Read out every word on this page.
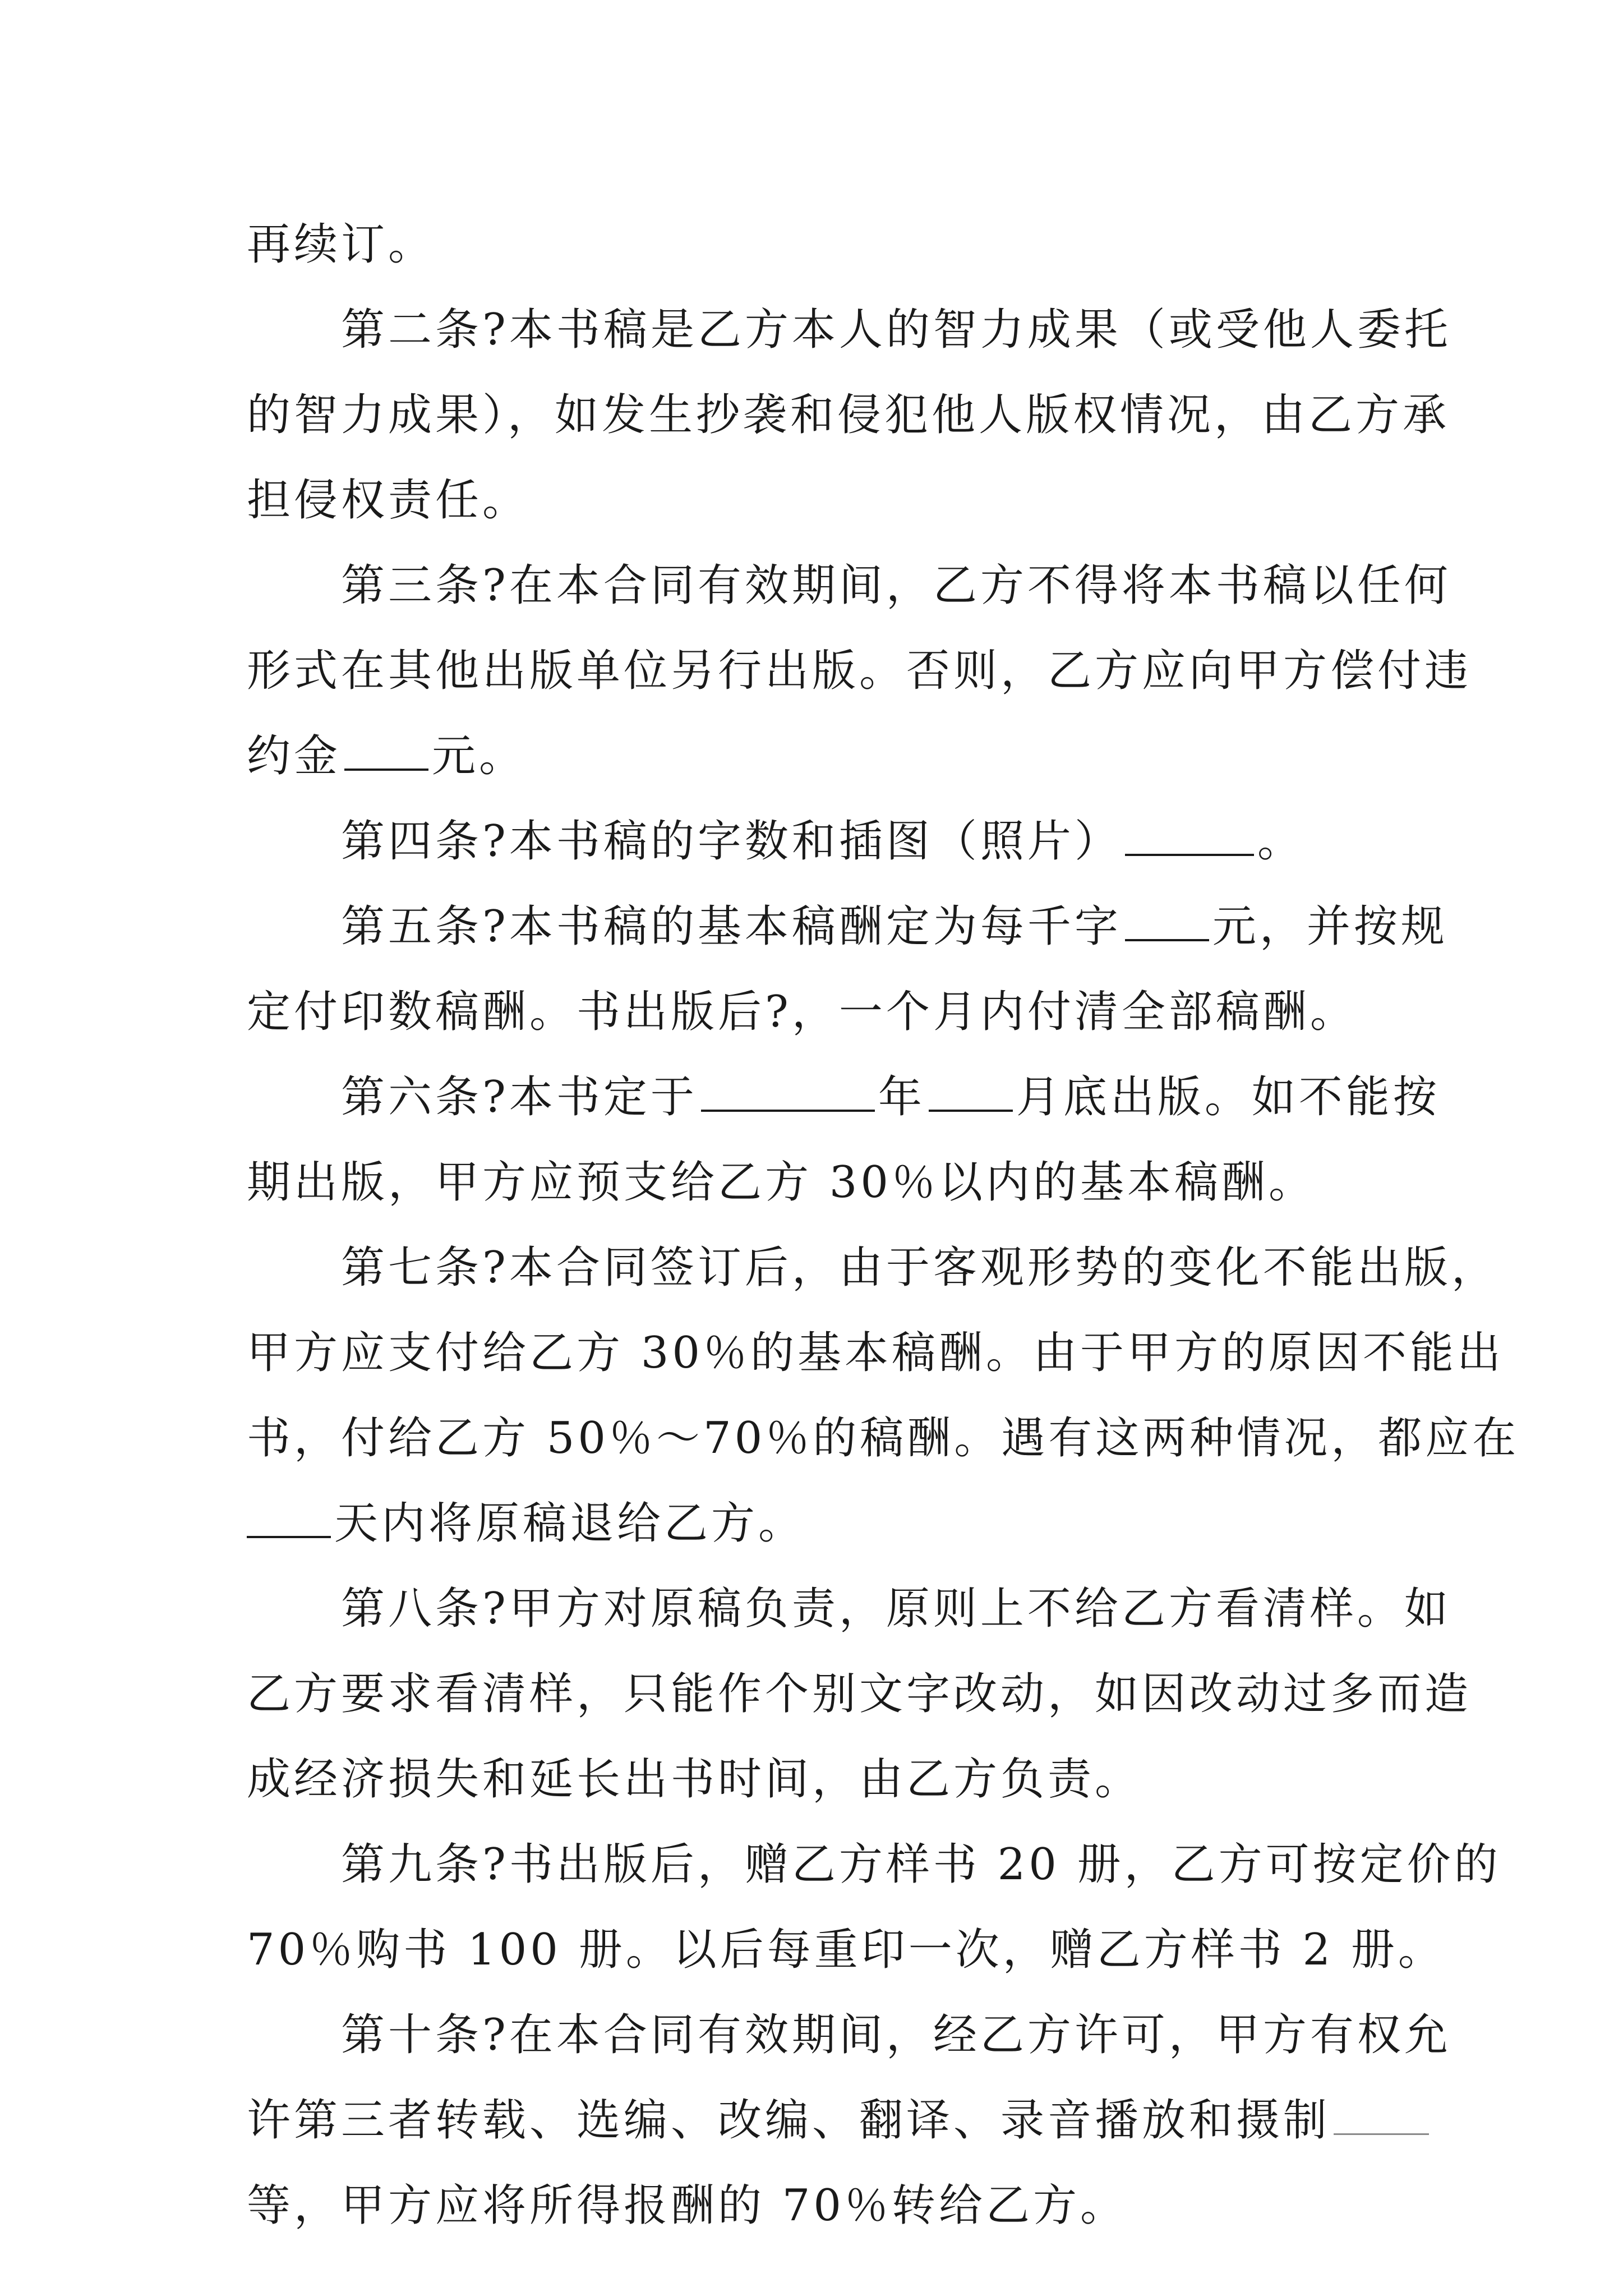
再续订。
第二条?本书稿是乙方本人的智力成果（或受他人委托
的智力成果），如发生抄袭和侵犯他人版权情况，由乙方承
担侵权责任。
第三条?在本合同有效期间，乙方不得将本书稿以任何
形式在其他出版单位另行出版。否则，乙方应向甲方偿付违
约金 元。
第四条?本书稿的字数和插图（照片）	。
第五条?本书稿的基本稿酬定为每千字 元，并按规
定付印数稿酬。书出版后?，一个月内付清全部稿酬。
第六条?本书定于	年 月底出版。如不能按
期出版，甲方应预支给乙方 30％以内的基本稿酬。
第七条?本合同签订后，由于客观形势的变化不能出版，
甲方应支付给乙方 30％的基本稿酬。由于甲方的原因不能出
书，付给乙方 50％～70％的稿酬。遇有这两种情况，都应在
天内将原稿退给乙方。
第八条?甲方对原稿负责，原则上不给乙方看清样。如
乙方要求看清样，只能作个别文字改动，如因改动过多而造
成经济损失和延长出书时间，由乙方负责。
第九条?书出版后，赠乙方样书 20 册，乙方可按定价的
70％购书 100 册。以后每重印一次，赠乙方样书 2 册。
第十条?在本合同有效期间，经乙方许可，甲方有权允
许第三者转载、选编、改编、翻译、录音播放和摄制
等，甲方应将所得报酬的 70％转给乙方。
